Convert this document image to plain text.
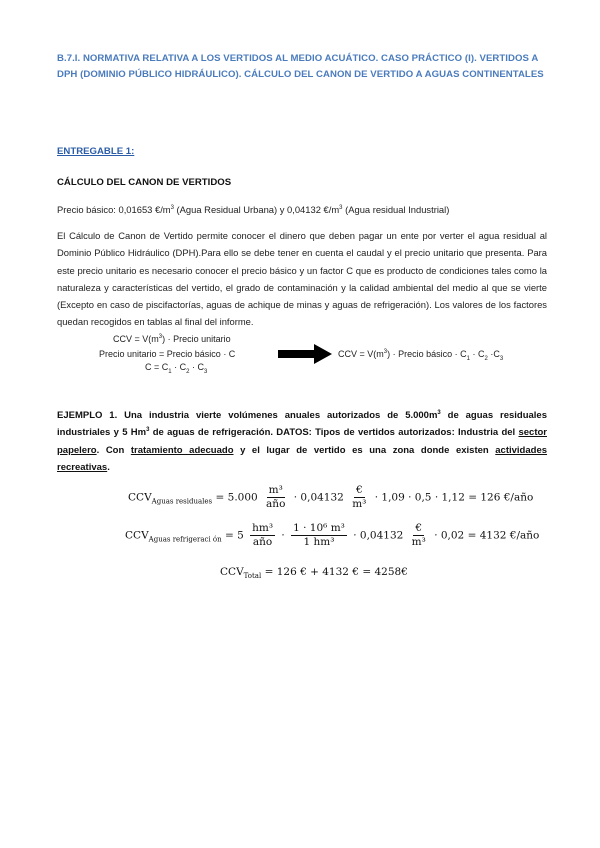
B.7.I. NORMATIVA RELATIVA A LOS VERTIDOS AL MEDIO ACUÁTICO. CASO PRÁCTICO (I). VERTIDOS A DPH (DOMINIO PÚBLICO HIDRÁULICO). CÁLCULO DEL CANON DE VERTIDO A AGUAS CONTINENTALES
ENTREGABLE 1:
CÁLCULO DEL CANON DE VERTIDOS
Precio básico: 0,01653 $€/m^3$ (Agua Residual Urbana) y 0,04132 $€/m^3$ (Agua residual Industrial)
El Cálculo de Canon de Vertido permite conocer el dinero que deben pagar un ente por verter el agua residual al Dominio Público Hidráulico (DPH).Para ello se debe tener en cuenta el caudal y el precio unitario que presenta. Para este precio unitario es necesario conocer el precio básico y un factor C que es producto de condiciones tales como la naturaleza y características del vertido, el grado de contaminación y la calidad ambiental del medio al que se vierte (Excepto en caso de piscifactorías, aguas de achique de minas y aguas de refrigeración). Los valores de los factores quedan recogidos en tablas al final del informe.
CCV = $V(m^3)$ · Precio unitario
Precio unitario = Precio básico · C
$C = C_1 \cdot C_2 \cdot C_3$
CCV = $V(m^3)$ · Precio básico · $C_1 \cdot C_2 \cdot C_3$
EJEMPLO 1. Una industria vierte volúmenes anuales autorizados de $5.000m^3$ de aguas residuales industriales y 5 Hm$^3$ de aguas de refrigeración. DATOS: Tipos de vertidos autorizados: Industria del sector papelero. Con tratamiento adecuado y el lugar de vertido es una zona donde existen actividades recreativas.
$CCV_{Aguas residuales} = 5.000 \frac{\text{m³}}{\text{año}} \cdot 0,04132 \frac{€}{\text{m³}} \cdot 1,09 \cdot 0,5 \cdot 1,12 = 126$ €/año
$CCV_{Aguas refrigeraci ón} = 5 \frac{\text{hm³}}{\text{año}} \cdot \frac{\text{1 · 10⁶ m³}}{\text{1 hm³}} \cdot 0,04132 \frac{€}{\text{m³}} \cdot 0,02 = 4132$ €/año
$CCV_{Total} = 126$ € + 4132 € = 4258€
